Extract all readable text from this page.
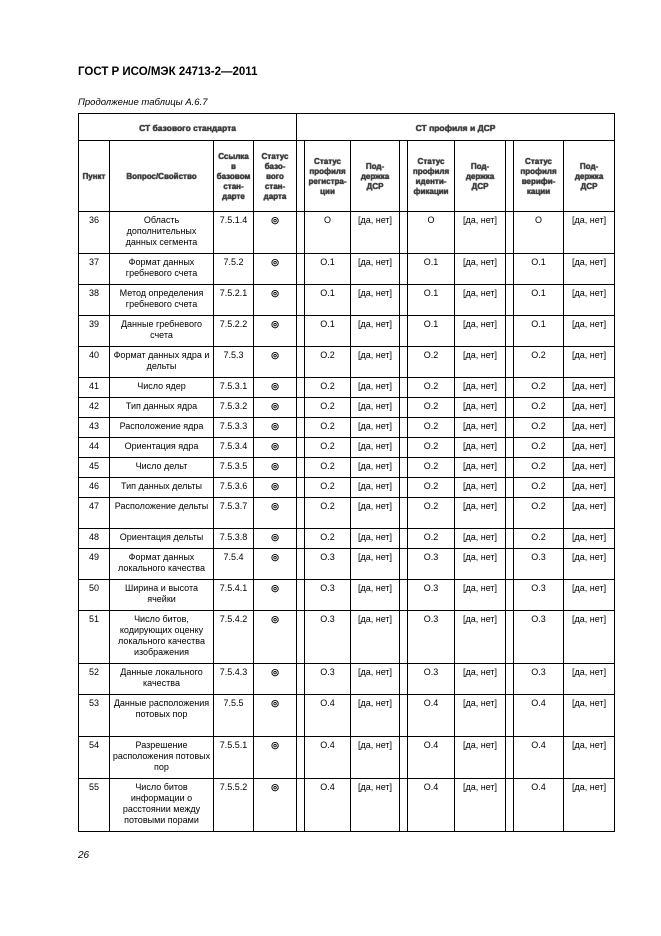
ГОСТ Р ИСО/МЭК 24713-2—2011
Продолжение таблицы А.6.7
СТ базового стандарта				СТ профиля и ДСР								
Пункт	Вопрос/Свойство	Ссылка в базовом стан-дарте	Статус базо-вого стан-дарта		Статус профиля регистра-ции	Под-держка ДСР		Статус профиля иденти-фикации	Под-держка ДСР		Статус профиля верифи-кации	Под-держка ДСР
36	Область дополнительных данных сегмента	7.5.1.4	◎		O	[да, нет]		O	[да, нет]		O	[да, нет]
37	Формат данных гребневого счета	7.5.2	◎		O.1	[да, нет]		O.1	[да, нет]		O.1	[да, нет]
38	Метод определения гребневого счета	7.5.2.1	◎		O.1	[да, нет]		O.1	[да, нет]		O.1	[да, нет]
39	Данные гребневого счета	7.5.2.2	◎		O.1	[да, нет]		O.1	[да, нет]		O.1	[да, нет]
40	Формат данных ядра и дельты	7.5.3	◎		O.2	[да, нет]		O.2	[да, нет]		O.2	[да, нет]
41	Число ядер	7.5.3.1	◎		O.2	[да, нет]		O.2	[да, нет]		O.2	[да, нет]
42	Тип данных ядра	7.5.3.2	◎		O.2	[да, нет]		O.2	[да, нет]		O.2	[да, нет]
43	Расположение ядра	7.5.3.3	◎		O.2	[да, нет]		O.2	[да, нет]		O.2	[да, нет]
44	Ориентация ядра	7.5.3.4	◎		O.2	[да, нет]		O.2	[да, нет]		O.2	[да, нет]
45	Число дельт	7.5.3.5	◎		O.2	[да, нет]		O.2	[да, нет]		O.2	[да, нет]
46	Тип данных дельты	7.5.3.6	◎		O.2	[да, нет]		O.2	[да, нет]		O.2	[да, нет]
47	Расположение дельты	7.5.3.7	◎		O.2	[да, нет]		O.2	[да, нет]		O.2	[да, нет]
48	Ориентация дельты	7.5.3.8	◎		O.2	[да, нет]		O.2	[да, нет]		O.2	[да, нет]
49	Формат данных локального качества	7.5.4	◎		O.3	[да, нет]		O.3	[да, нет]		O.3	[да, нет]
50	Ширина и высота ячейки	7.5.4.1	◎		O.3	[да, нет]		O.3	[да, нет]		O.3	[да, нет]
51	Число битов, кодирующих оценку локального качества изображения	7.5.4.2	◎		O.3	[да, нет]		O.3	[да, нет]		O.3	[да, нет]
52	Данные локального качества	7.5.4.3	◎		O.3	[да, нет]		O.3	[да, нет]		O.3	[да, нет]
53	Данные расположения потовых пор	7.5.5	◎		O.4	[да, нет]		O.4	[да, нет]		O.4	[да, нет]
54	Разрешение расположения потовых пор	7.5.5.1	◎		O.4	[да, нет]		O.4	[да, нет]		O.4	[да, нет]
55	Число битов информации о расстоянии между потовыми порами	7.5.5.2	◎		O.4	[да, нет]		O.4	[да, нет]		O.4	[да, нет]
26
